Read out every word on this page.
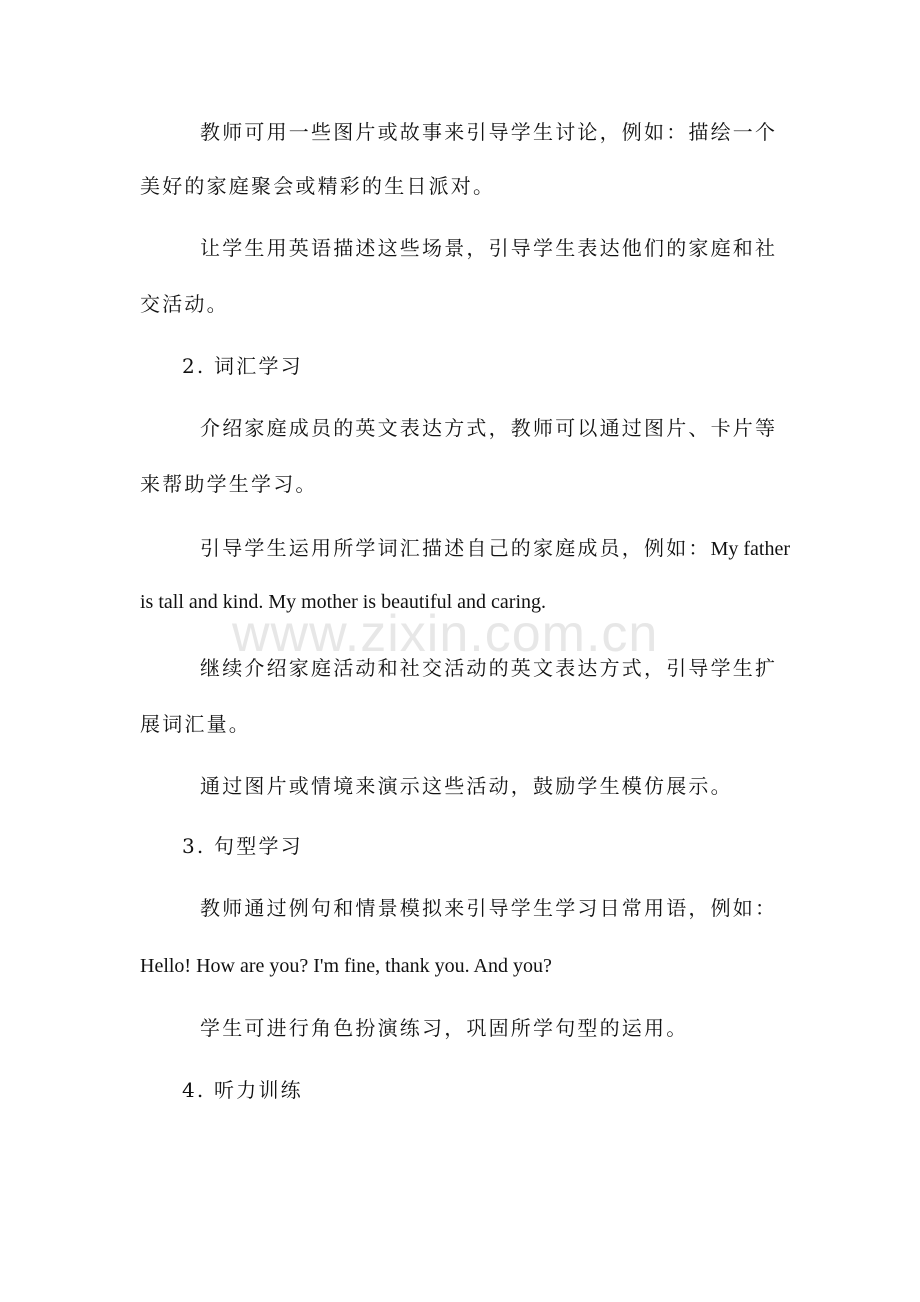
教师可用一些图片或故事来引导学生讨论，例如：描绘一个
美好的家庭聚会或精彩的生日派对。
让学生用英语描述这些场景，引导学生表达他们的家庭和社
交活动。
2. 词汇学习
介绍家庭成员的英文表达方式，教师可以通过图片、卡片等
来帮助学生学习。
引导学生运用所学词汇描述自己的家庭成员，例如：My father
is tall and kind. My mother is beautiful and caring.
www.zixin.com.cn
继续介绍家庭活动和社交活动的英文表达方式，引导学生扩
展词汇量。
通过图片或情境来演示这些活动，鼓励学生模仿展示。
3. 句型学习
教师通过例句和情景模拟来引导学生学习日常用语，例如：
Hello! How are you? I'm fine, thank you. And you?
学生可进行角色扮演练习，巩固所学句型的运用。
4. 听力训练
